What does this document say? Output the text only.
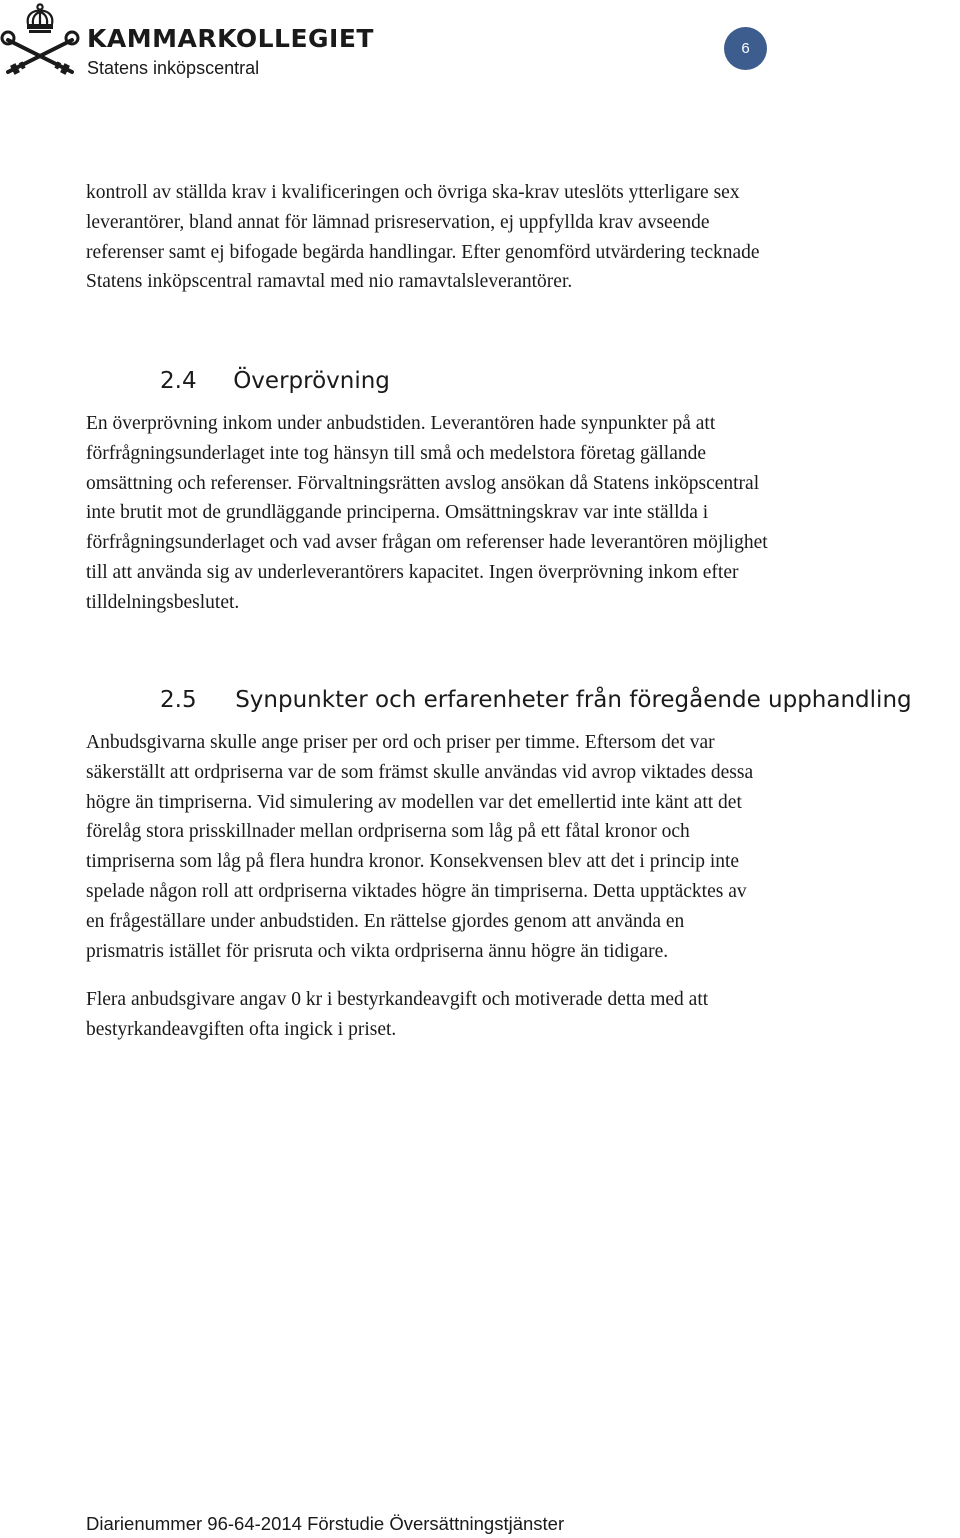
KAMMARKOLLEGIET
Statens inköpscentral
6

kontroll av ställda krav i kvalificeringen och övriga ska-krav uteslöts ytterligare sex
leverantörer, bland annat för lämnad prisreservation, ej uppfyllda krav avseende
referenser samt ej bifogade begärda handlingar. Efter genomförd utvärdering tecknade
Statens inköpscentral ramavtal med nio ramavtalsleverantörer.

2.4 Överprövning

En överprövning inkom under anbudstiden. Leverantören hade synpunkter på att
förfrågningsunderlaget inte tog hänsyn till små och medelstora företag gällande
omsättning och referenser. Förvaltningsrätten avslog ansökan då Statens inköpscentral
inte brutit mot de grundläggande principerna. Omsättningskrav var inte ställda i
förfrågningsunderlaget och vad avser frågan om referenser hade leverantören möjlighet
till att använda sig av underleverantörers kapacitet. Ingen överprövning inkom efter
tilldelningsbeslutet.

2.5 Synpunkter och erfarenheter från föregående upphandling

Anbudsgivarna skulle ange priser per ord och priser per timme. Eftersom det var
säkerställt att ordpriserna var de som främst skulle användas vid avrop viktades dessa
högre än timpriserna. Vid simulering av modellen var det emellertid inte känt att det
förelåg stora prisskillnader mellan ordpriserna som låg på ett fåtal kronor och
timpriserna som låg på flera hundra kronor. Konsekvensen blev att det i princip inte
spelade någon roll att ordpriserna viktades högre än timpriserna. Detta upptäcktes av
en frågeställare under anbudstiden. En rättelse gjordes genom att använda en
prismatris istället för prisruta och vikta ordpriserna ännu högre än tidigare.

Flera anbudsgivare angav 0 kr i bestyrkandeavgift och motiverade detta med att
bestyrkandeavgiften ofta ingick i priset.

Diarienummer 96-64-2014 Förstudie Översättningstjänster
